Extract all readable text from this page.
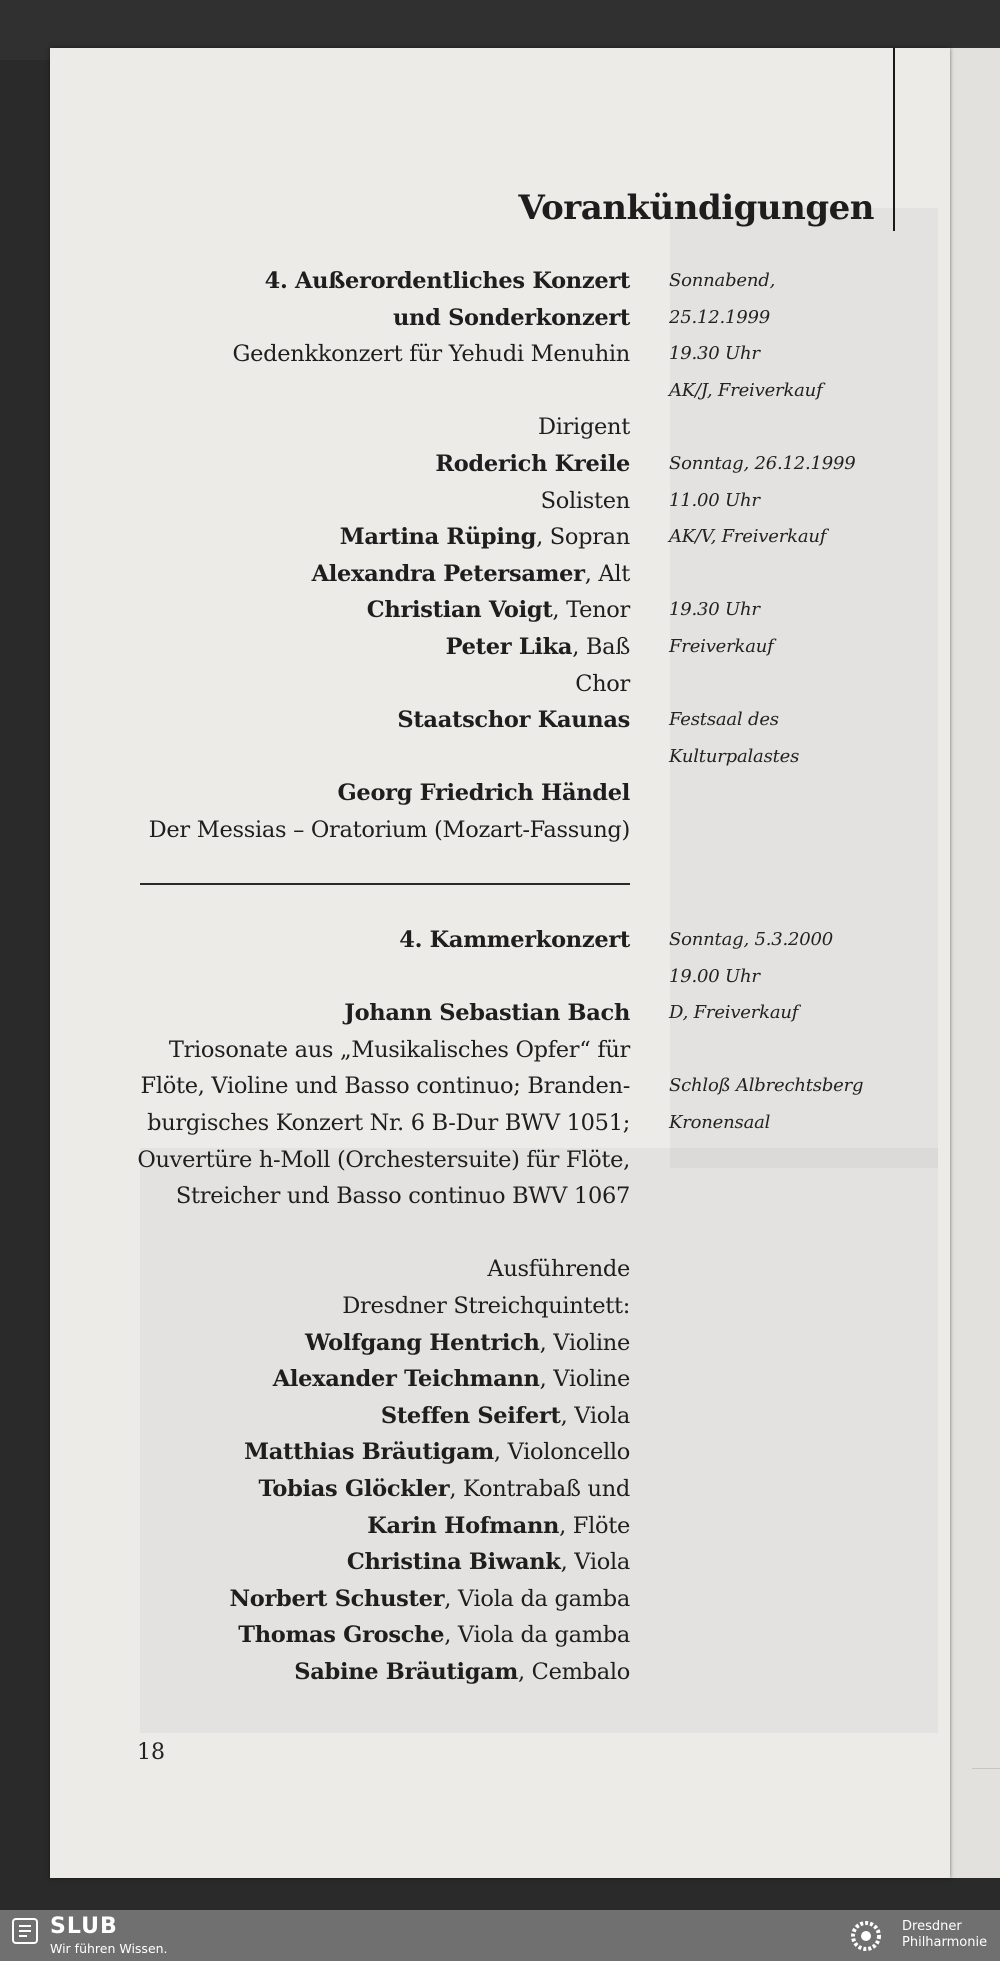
Vorankündigungen
4. Außerordentliches Konzert
und Sonderkonzert
Gedenkkonzert für Yehudi Menuhin

Dirigent
Roderich Kreile
Solisten
Martina Rüping, Sopran
Alexandra Petersamer, Alt
Christian Voigt, Tenor
Peter Lika, Baß
Chor
Staatschor Kaunas

Georg Friedrich Händel
Der Messias – Oratorium (Mozart-Fassung)
Sonnabend,
25.12.1999
19.30 Uhr
AK/J, Freiverkauf

Sonntag, 26.12.1999
11.00 Uhr
AK/V, Freiverkauf

19.30 Uhr
Freiverkauf

Festsaal des
Kulturpalastes
4. Kammerkonzert

Johann Sebastian Bach
Triosonate aus „Musikalisches Opfer“ für
Flöte, Violine und Basso continuo; Branden-
burgisches Konzert Nr. 6 B-Dur BWV 1051;
Ouvertüre h-Moll (Orchestersuite) für Flöte,
Streicher und Basso continuo BWV 1067

Ausführende
Dresdner Streichquintett:
Wolfgang Hentrich, Violine
Alexander Teichmann, Violine
Steffen Seifert, Viola
Matthias Bräutigam, Violoncello
Tobias Glöckler, Kontrabaß und
Karin Hofmann, Flöte
Christina Biwank, Viola
Norbert Schuster, Viola da gamba
Thomas Grosche, Viola da gamba
Sabine Bräutigam, Cembalo
Sonntag, 5.3.2000
19.00 Uhr
D, Freiverkauf

Schloß Albrechtsberg
Kronensaal
18
SLUB
Wir führen Wissen.
Dresdner
Philharmonie
